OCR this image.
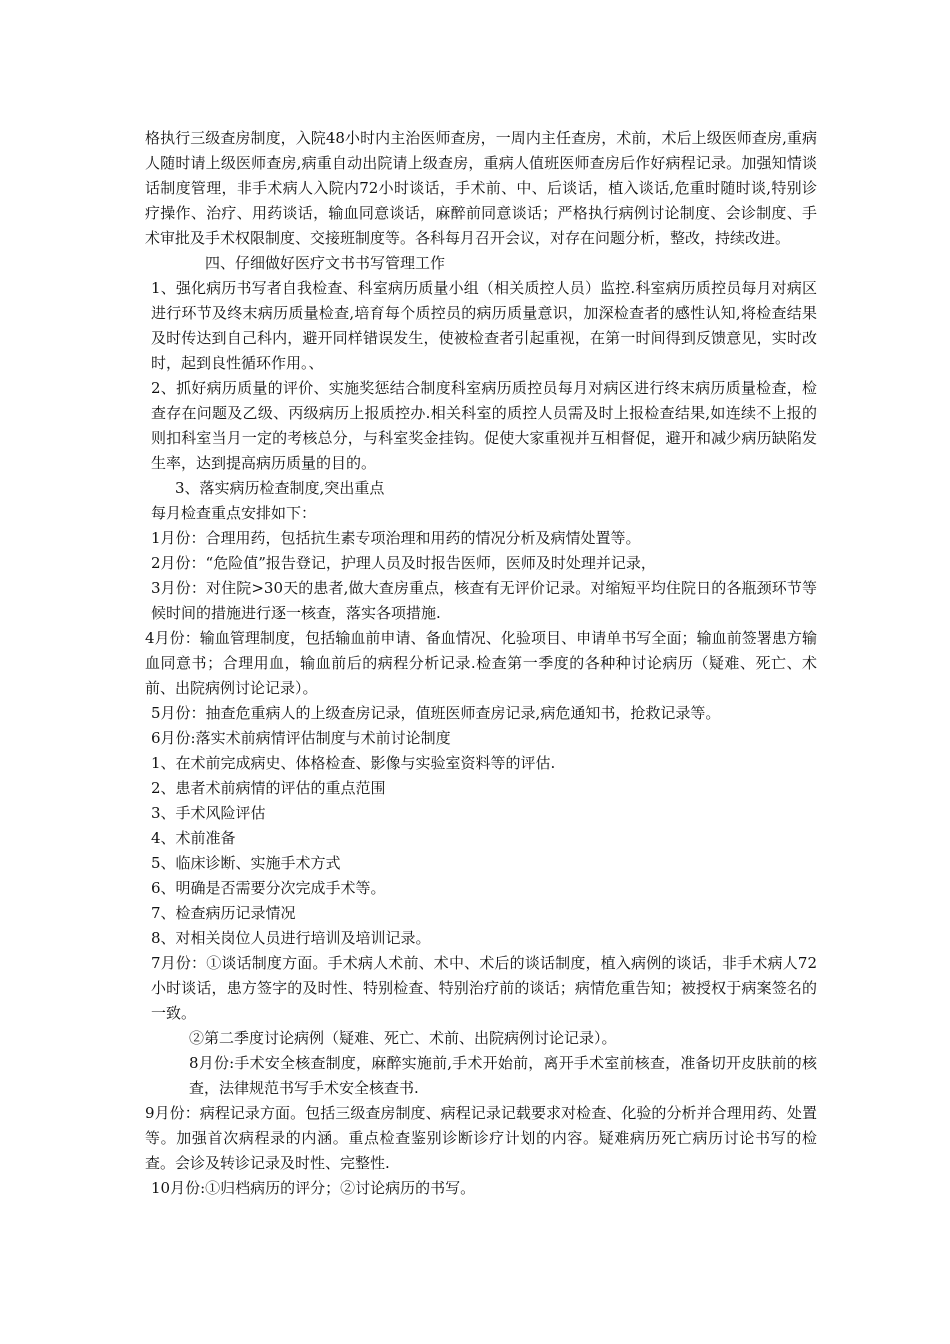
格执行三级查房制度，入院48小时内主治医师查房，一周内主任查房，术前，术后上级医师查房,重病人随时请上级医师查房,病重自动出院请上级查房，重病人值班医师查房后作好病程记录。加强知情谈话制度管理，非手术病人入院内72小时谈话，手术前、中、后谈话，植入谈话,危重时随时谈,特别诊疗操作、治疗、用药谈话，输血同意谈话，麻醉前同意谈话；严格执行病例讨论制度、会诊制度、手术审批及手术权限制度、交接班制度等。各科每月召开会议，对存在问题分析，整改，持续改进。

四、仔细做好医疗文书书写管理工作

1、强化病历书写者自我检查、科室病历质量小组（相关质控人员）监控.科室病历质控员每月对病区进行环节及终末病历质量检查,培育每个质控员的病历质量意识，加深检查者的感性认知,将检查结果及时传达到自己科内，避开同样错误发生，使被检查者引起重视，在第一时间得到反馈意见，实时改时，起到良性循环作用。、

2、抓好病历质量的评价、实施奖惩结合制度科室病历质控员每月对病区进行终末病历质量检查，检查存在问题及乙级、丙级病历上报质控办.相关科室的质控人员需及时上报检查结果,如连续不上报的则扣科室当月一定的考核总分，与科室奖金挂钩。促使大家重视并互相督促，避开和减少病历缺陷发生率，达到提高病历质量的目的。

3、落实病历检查制度,突出重点

每月检查重点安排如下：

1月份：合理用药，包括抗生素专项治理和用药的情况分析及病情处置等。

2月份：“危险值”报告登记，护理人员及时报告医师，医师及时处理并记录，

3月份：对住院>30天的患者,做大查房重点，核查有无评价记录。对缩短平均住院日的各瓶颈环节等候时间的措施进行逐一核查，落实各项措施.

4月份：输血管理制度，包括输血前申请、备血情况、化验项目、申请单书写全面；输血前签署患方输血同意书；合理用血，输血前后的病程分析记录.检查第一季度的各种种讨论病历（疑难、死亡、术前、出院病例讨论记录）。

5月份：抽查危重病人的上级查房记录，值班医师查房记录,病危通知书，抢救记录等。

6月份:落实术前病情评估制度与术前讨论制度

1、在术前完成病史、体格检查、影像与实验室资料等的评估.

2、患者术前病情的评估的重点范围

3、手术风险评估

4、术前准备

5、临床诊断、实施手术方式

6、明确是否需要分次完成手术等。

7、检查病历记录情况

8、对相关岗位人员进行培训及培训记录。

7月份：①谈话制度方面。手术病人术前、术中、术后的谈话制度，植入病例的谈话，非手术病人72小时谈话，患方签字的及时性、特别检查、特别治疗前的谈话；病情危重告知；被授权于病案签名的一致。

②第二季度讨论病例（疑难、死亡、术前、出院病例讨论记录）。

8月份:手术安全核查制度，麻醉实施前,手术开始前，离开手术室前核查，准备切开皮肤前的核查，法律规范书写手术安全核查书.

9月份：病程记录方面。包括三级查房制度、病程记录记载要求对检查、化验的分析并合理用药、处置等。加强首次病程录的内涵。重点检查鉴别诊断诊疗计划的内容。疑难病历死亡病历讨论书写的检查。会诊及转诊记录及时性、完整性.

10月份:①归档病历的评分；②讨论病历的书写。
